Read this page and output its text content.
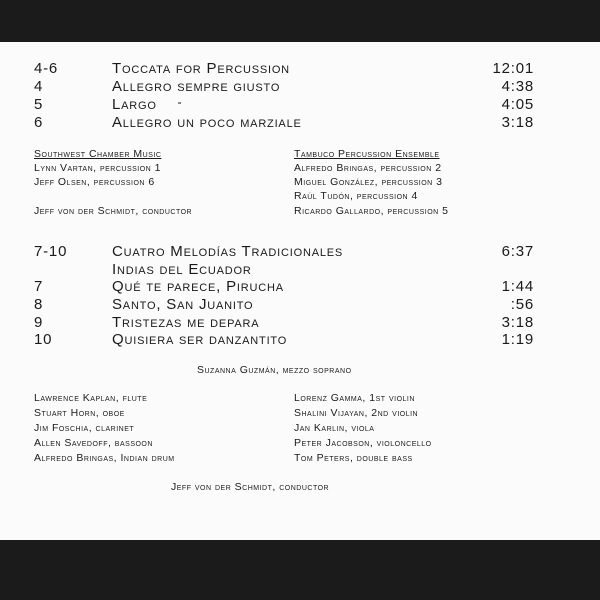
4-6	Toccata for Percussion	12:01
4	Allegro sempre giusto	4:38
5	Largo	4:05
6	Allegro un poco marziale	3:18
Southwest Chamber Music
Lynn Vartan, percussion 1
Jeff Olsen, percussion 6
Jeff von der Schmidt, conductor
Tambuco Percussion Ensemble
Alfredo Bringas, percussion 2
Miguel González, percussion 3
Raúl Tudón, percussion 4
Ricardo Gallardo, percussion 5
7-10	Cuatro Melodías Tradicionales	6:37
Indias del Ecuador
7	Qué te parece, Pirucha	1:44
8	Santo, San Juanito	:56
9	Tristezas me depara	3:18
10	Quisiera ser danzantito	1:19
Suzanna Guzmán, mezzo soprano
Lawrence Kaplan, flute
Stuart Horn, oboe
Jim Foschia, clarinet
Allen Savedoff, bassoon
Alfredo Bringas, Indian drum
Lorenz Gamma, 1st violin
Shalini Vijayan, 2nd violin
Jan Karlin, viola
Peter Jacobson, violoncello
Tom Peters, double bass
Jeff von der Schmidt, conductor
